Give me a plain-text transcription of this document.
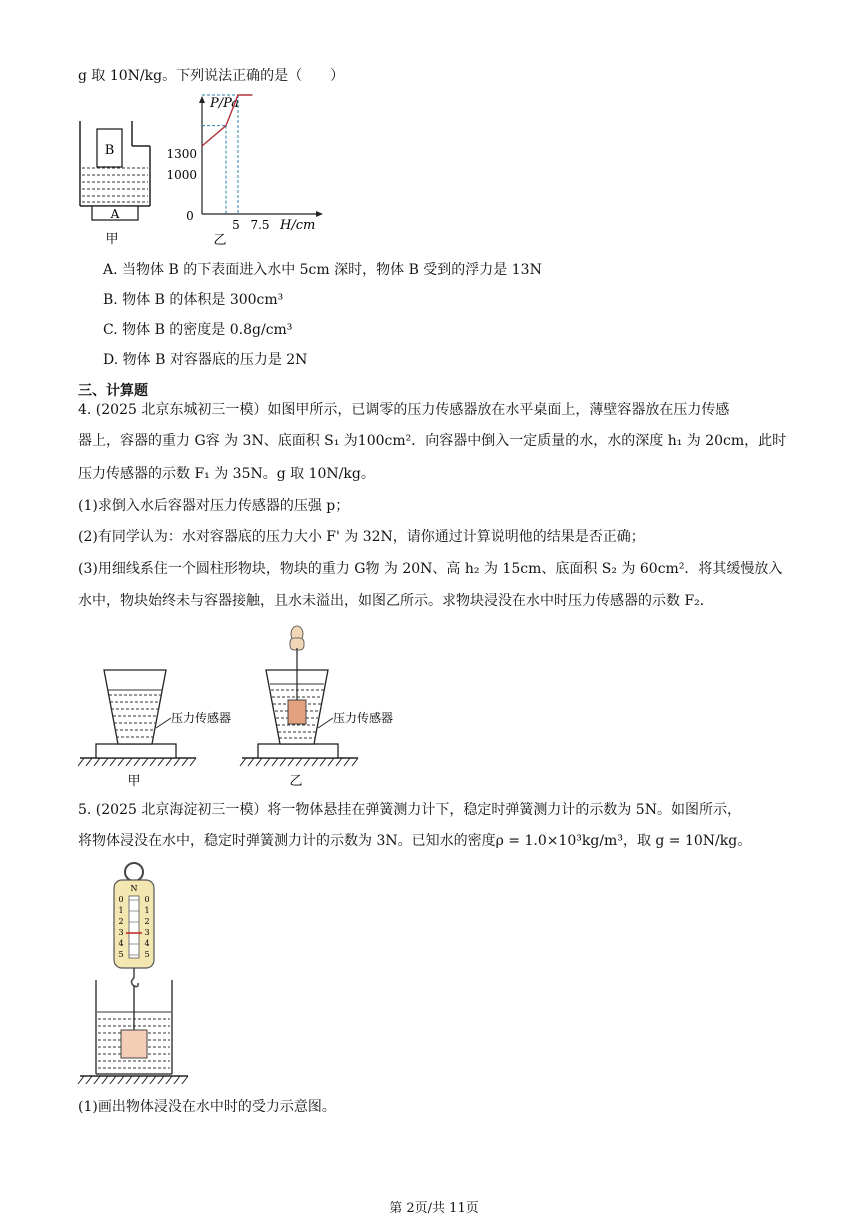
g 取 10N/kg。下列说法正确的是（　　）
B
A
甲
P/Pa
H/cm
0
1300
1000
5 7.5
乙
A. 当物体 B 的下表面进入水中 5cm 深时，物体 B 受到的浮力是 13N
B. 物体 B 的体积是 300cm³
C. 物体 B 的密度是 0.8g/cm³
D. 物体 B 对容器底的压力是 2N
三、计算题
4. (2025 北京东城初三一模）如图甲所示，已调零的压力传感器放在水平桌面上，薄壁容器放在压力传感
器上，容器的重力 G容 为 3N、底面积 S₁ 为100cm²．向容器中倒入一定质量的水，水的深度 h₁ 为 20cm，此时
压力传感器的示数 F₁ 为 35N。g 取 10N/kg。
(1)求倒入水后容器对压力传感器的压强 p；
(2)有同学认为：水对容器底的压力大小 F' 为 32N，请你通过计算说明他的结果是否正确；
(3)用细线系住一个圆柱形物块，物块的重力 G物 为 20N、高 h₂ 为 15cm、底面积 S₂ 为 60cm²．将其缓慢放入
水中，物块始终未与容器接触，且水未溢出，如图乙所示。求物块浸没在水中时压力传感器的示数 F₂．
压力传感器
甲
压力传感器
乙
5. (2025 北京海淀初三一模）将一物体悬挂在弹簧测力计下，稳定时弹簧测力计的示数为 5N。如图所示，
将物体浸没在水中，稳定时弹簧测力计的示数为 3N。已知水的密度ρ = 1.0×10³kg/m³，取 g = 10N/kg。
N
0	0
1	1
2	2
3	3
4	4
5	5
(1)画出物体浸没在水中时的受力示意图。
第 2页/共 11页
